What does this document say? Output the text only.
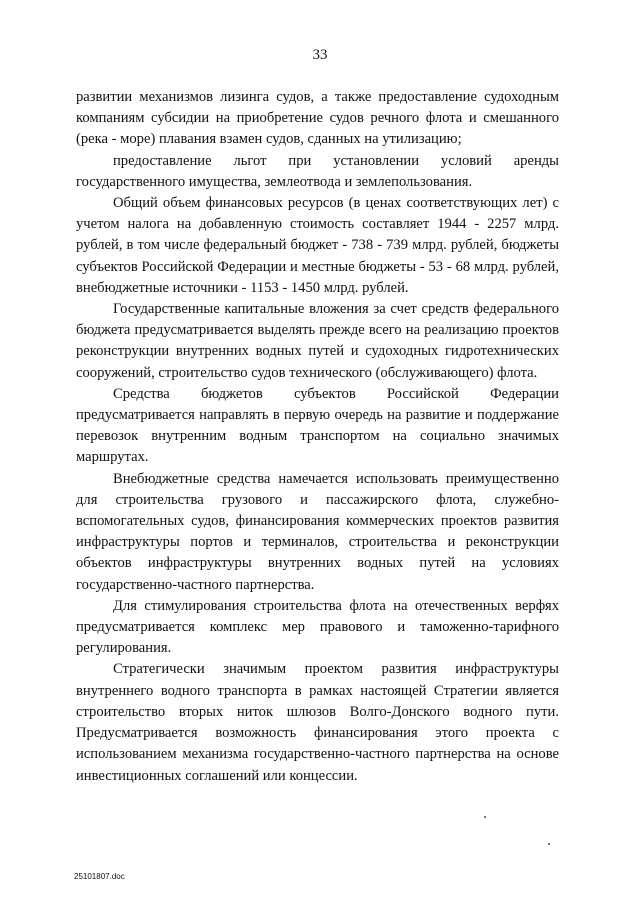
33

развитии механизмов лизинга судов, а также предоставление судоходным компаниям субсидии на приобретение судов речного флота и смешанного (река - море) плавания взамен судов, сданных на утилизацию;

предоставление льгот при установлении условий аренды государственного имущества, землеотвода и землепользования.

Общий объем финансовых ресурсов (в ценах соответствующих лет) с учетом налога на добавленную стоимость составляет 1944 - 2257 млрд. рублей, в том числе федеральный бюджет - 738 - 739 млрд. рублей, бюджеты субъектов Российской Федерации и местные бюджеты - 53 - 68 млрд. рублей, внебюджетные источники - 1153 - 1450 млрд. рублей.

Государственные капитальные вложения за счет средств федерального бюджета предусматривается выделять прежде всего на реализацию проектов реконструкции внутренних водных путей и судоходных гидротехнических сооружений, строительство судов технического (обслуживающего) флота.

Средства бюджетов субъектов Российской Федерации предусматривается направлять в первую очередь на развитие и поддержание перевозок внутренним водным транспортом на социально значимых маршрутах.

Внебюджетные средства намечается использовать преимущественно для строительства грузового и пассажирского флота, служебно-вспомогательных судов, финансирования коммерческих проектов развития инфраструктуры портов и терминалов, строительства и реконструкции объектов инфраструктуры внутренних водных путей на условиях государственно-частного партнерства.

Для стимулирования строительства флота на отечественных верфях предусматривается комплекс мер правового и таможенно-тарифного регулирования.

Стратегически значимым проектом развития инфраструктуры внутреннего водного транспорта в рамках настоящей Стратегии является строительство вторых ниток шлюзов Волго-Донского водного пути. Предусматривается возможность финансирования этого проекта с использованием механизма государственно-частного партнерства на основе инвестиционных соглашений или концессии.

25101807.doc
